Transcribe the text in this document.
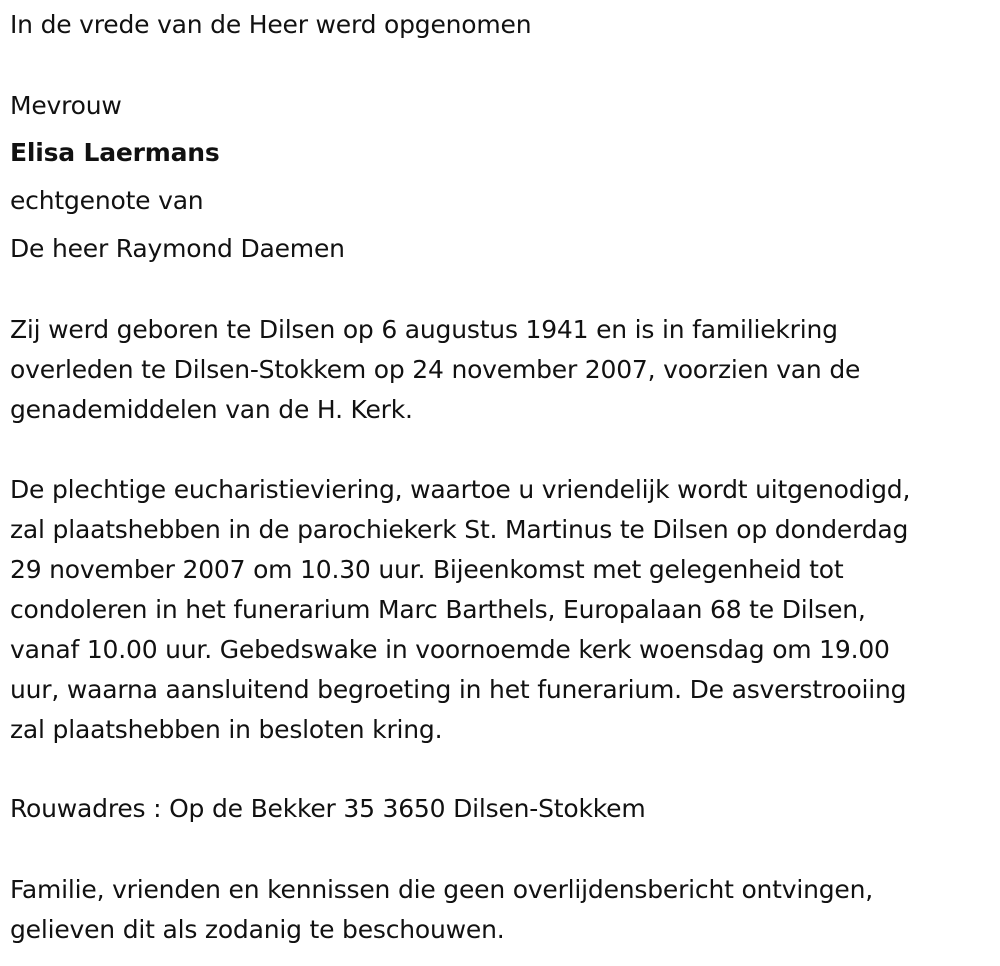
In de vrede van de Heer werd opgenomen
Mevrouw
Elisa Laermans
echtgenote van
De heer Raymond Daemen
Zij werd geboren te Dilsen op 6 augustus 1941 en is in familiekring
overleden te Dilsen-Stokkem op 24 november 2007, voorzien van de
genademiddelen van de H. Kerk.
De plechtige eucharistieviering, waartoe u vriendelijk wordt uitgenodigd,
zal plaatshebben in de parochiekerk St. Martinus te Dilsen op donderdag
29 november 2007 om 10.30 uur. Bijeenkomst met gelegenheid tot
condoleren in het funerarium Marc Barthels, Europalaan 68 te Dilsen,
vanaf 10.00 uur. Gebedswake in voornoemde kerk woensdag om 19.00
uur, waarna aansluitend begroeting in het funerarium. De asverstrooiing
zal plaatshebben in besloten kring.
Rouwadres : Op de Bekker 35 3650 Dilsen-Stokkem
Familie, vrienden en kennissen die geen overlijdensbericht ontvingen,
gelieven dit als zodanig te beschouwen.
